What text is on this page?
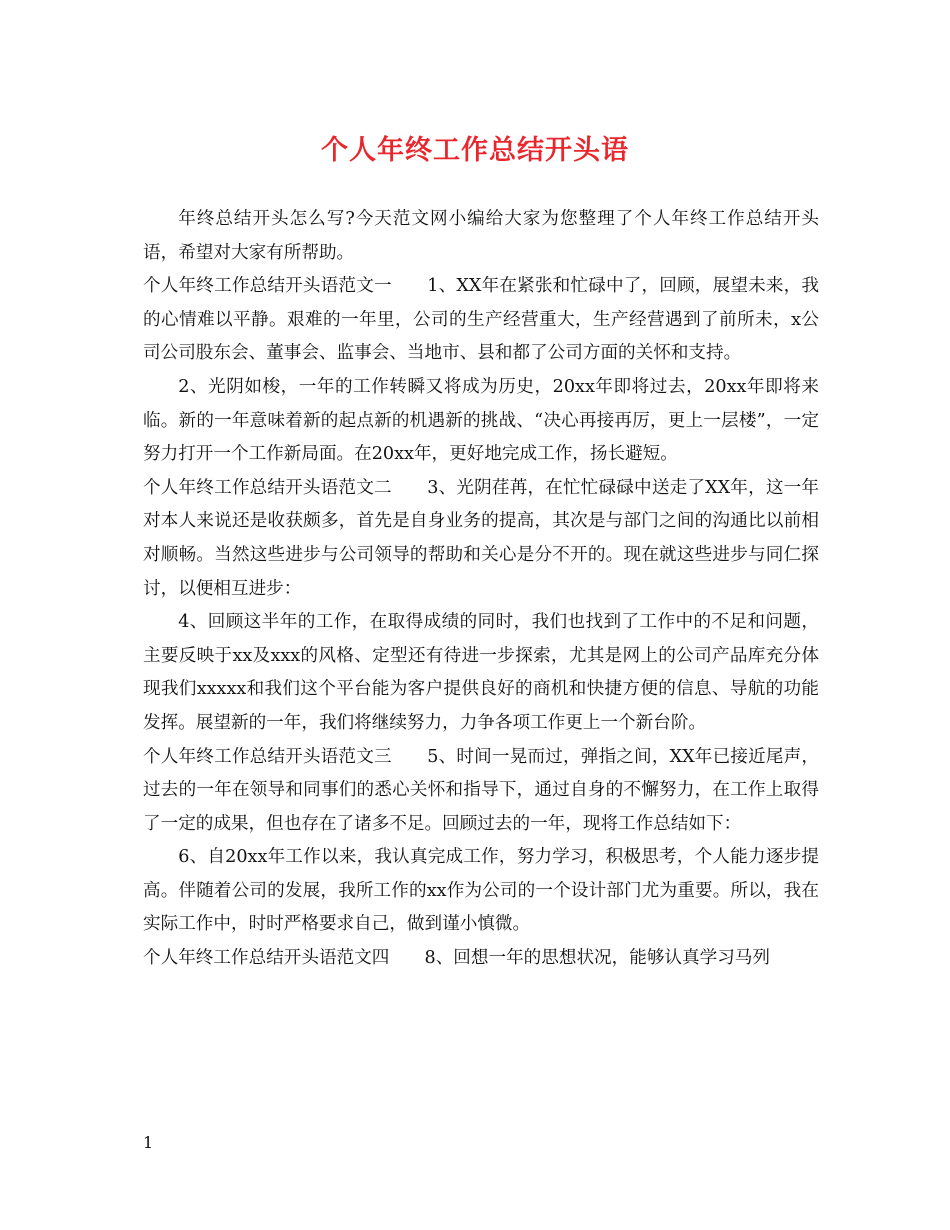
个人年终工作总结开头语

年终总结开头怎么写?今天范文网小编给大家为您整理了个人年终工作总结开头语，希望对大家有所帮助。

个人年终工作总结开头语范文一　　1、XX年在紧张和忙碌中了，回顾，展望未来，我的心情难以平静。艰难的一年里，公司的生产经营重大，生产经营遇到了前所未，x公司公司股东会、董事会、监事会、当地市、县和都了公司方面的关怀和支持。

2、光阴如梭，一年的工作转瞬又将成为历史，20xx年即将过去，20xx年即将来临。新的一年意味着新的起点新的机遇新的挑战、“决心再接再厉，更上一层楼”，一定努力打开一个工作新局面。在20xx年，更好地完成工作，扬长避短。

个人年终工作总结开头语范文二　　3、光阴荏苒，在忙忙碌碌中送走了XX年，这一年对本人来说还是收获颇多，首先是自身业务的提高，其次是与部门之间的沟通比以前相对顺畅。当然这些进步与公司领导的帮助和关心是分不开的。现在就这些进步与同仁探讨，以便相互进步：

4、回顾这半年的工作，在取得成绩的同时，我们也找到了工作中的不足和问题，主要反映于xx及xxx的风格、定型还有待进一步探索，尤其是网上的公司产品库充分体现我们xxxxx和我们这个平台能为客户提供良好的商机和快捷方便的信息、导航的功能发挥。展望新的一年，我们将继续努力，力争各项工作更上一个新台阶。

个人年终工作总结开头语范文三　　5、时间一晃而过，弹指之间，XX年已接近尾声，过去的一年在领导和同事们的悉心关怀和指导下，通过自身的不懈努力，在工作上取得了一定的成果，但也存在了诸多不足。回顾过去的一年，现将工作总结如下：

6、自20xx年工作以来，我认真完成工作，努力学习，积极思考，个人能力逐步提高。伴随着公司的发展，我所工作的xx作为公司的一个设计部门尤为重要。所以，我在实际工作中，时时严格要求自己，做到谨小慎微。

个人年终工作总结开头语范文四　　8、回想一年的思想状况，能够认真学习马列

1
